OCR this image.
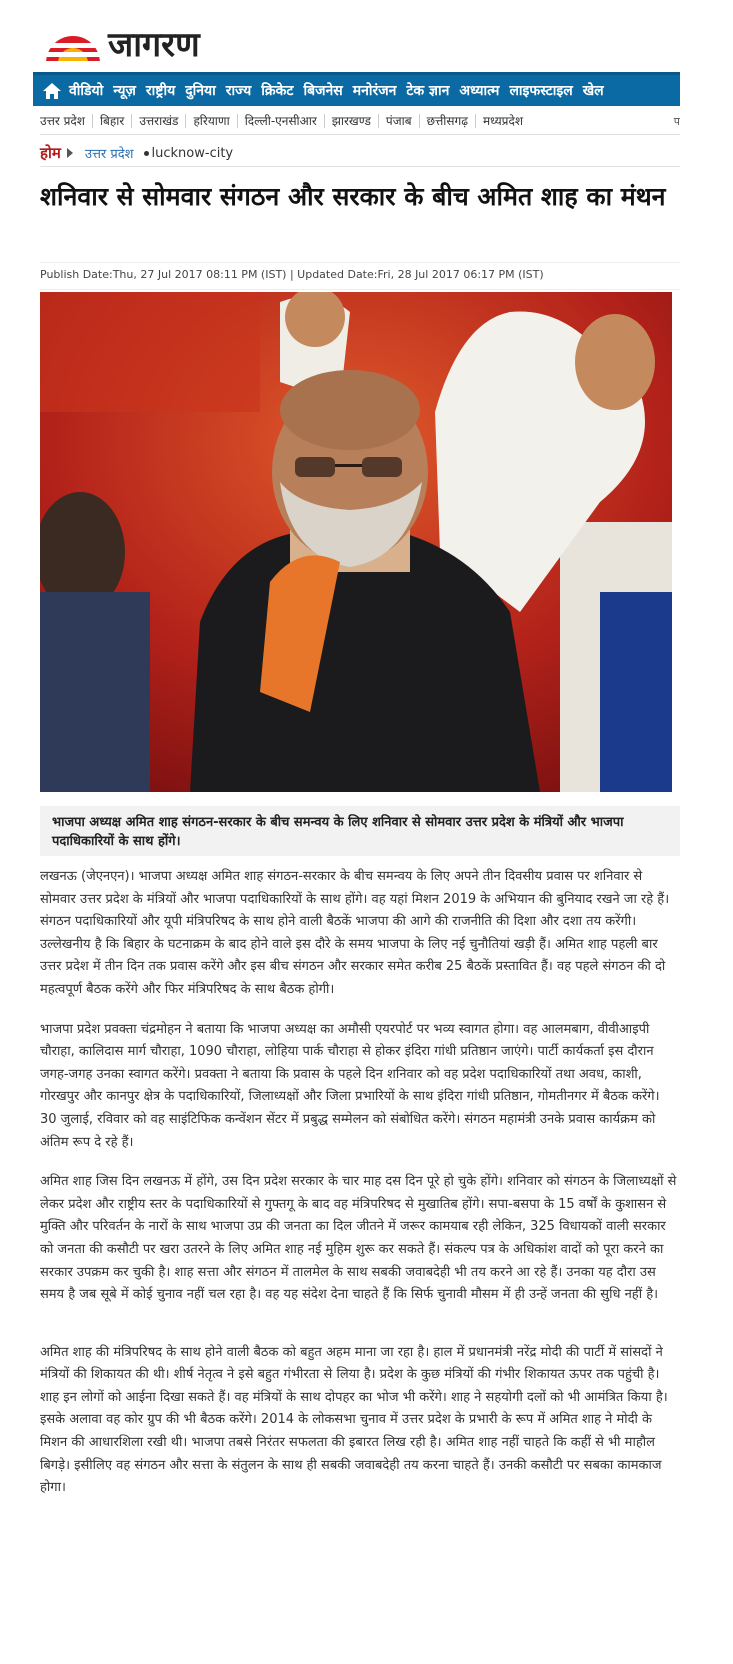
जागरण
वीडियो न्यूज़ राष्ट्रीय दुनिया राज्य क्रिकेट बिजनेस मनोरंजन टेक ज्ञान अध्यात्म लाइफस्टाइल खेल
उत्तर प्रदेश	बिहार	उत्तराखंड	हरियाणा	दिल्ली-एनसीआर	झारखण्ड	पंजाब	छत्तीसगढ़	मध्यप्रदेश	प
होम उत्तर प्रदेश lucknow-city
शनिवार से सोमवार संगठन और सरकार के बीच अमित शाह का मंथन
Publish Date:Thu, 27 Jul 2017 08:11 PM (IST) | Updated Date:Fri, 28 Jul 2017 06:17 PM (IST)
भाजपा अध्यक्ष अमित शाह संगठन-सरकार के बीच समन्वय के लिए शनिवार से सोमवार उत्तर प्रदेश के मंत्रियों और भाजपा पदाधिकारियों के साथ होंगे।

लखनऊ (जेएनएन)। भाजपा अध्यक्ष अमित शाह संगठन-सरकार के बीच समन्वय के लिए अपने तीन दिवसीय प्रवास पर शनिवार से सोमवार उत्तर प्रदेश के मंत्रियों और भाजपा पदाधिकारियों के साथ होंगे। वह यहां मिशन 2019 के अभियान की बुनियाद रखने जा रहे हैं। संगठन पदाधिकारियों और यूपी मंत्रिपरिषद के साथ होने वाली बैठकें भाजपा की आगे की राजनीति की दिशा और दशा तय करेंगी। उल्लेखनीय है कि बिहार के घटनाक्रम के बाद होने वाले इस दौरे के समय भाजपा के लिए नई चुनौतियां खड़ी हैं। अमित शाह पहली बार उत्तर प्रदेश में तीन दिन तक प्रवास करेंगे और इस बीच संगठन और सरकार समेत करीब 25 बैठकें प्रस्तावित हैं। वह पहले संगठन की दो महत्वपूर्ण बैठक करेंगे और फिर मंत्रिपरिषद के साथ बैठक होगी।

भाजपा प्रदेश प्रवक्ता चंद्रमोहन ने बताया कि भाजपा अध्यक्ष का अमौसी एयरपोर्ट पर भव्य स्वागत होगा। वह आलमबाग, वीवीआइपी चौराहा, कालिदास मार्ग चौराहा, 1090 चौराहा, लोहिया पार्क चौराहा से होकर इंदिरा गांधी प्रतिष्ठान जाएंगे। पार्टी कार्यकर्ता इस दौरान जगह-जगह उनका स्वागत करेंगे। प्रवक्ता ने बताया कि प्रवास के पहले दिन शनिवार को वह प्रदेश पदाधिकारियों तथा अवध, काशी, गोरखपुर और कानपुर क्षेत्र के पदाधिकारियों, जिलाध्यक्षों और जिला प्रभारियों के साथ इंदिरा गांधी प्रतिष्ठान, गोमतीनगर में बैठक करेंगे। 30 जुलाई, रविवार को वह साइंटिफिक कन्वेंशन सेंटर में प्रबुद्ध सम्मेलन को संबोधित करेंगे। संगठन महामंत्री उनके प्रवास कार्यक्रम को अंतिम रूप दे रहे हैं।

अमित शाह जिस दिन लखनऊ में होंगे, उस दिन प्रदेश सरकार के चार माह दस दिन पूरे हो चुके होंगे। शनिवार को संगठन के जिलाध्यक्षों से लेकर प्रदेश और राष्ट्रीय स्तर के पदाधिकारियों से गुफ्तगू के बाद वह मंत्रिपरिषद से मुखातिब होंगे। सपा-बसपा के 15 वर्षों के कुशासन से मुक्ति और परिवर्तन के नारों के साथ भाजपा उप्र की जनता का दिल जीतने में जरूर कामयाब रही लेकिन, 325 विधायकों वाली सरकार को जनता की कसौटी पर खरा उतरने के लिए अमित शाह नई मुहिम शुरू कर सकते हैं। संकल्प पत्र के अधिकांश वादों को पूरा करने का सरकार उपक्रम कर चुकी है। शाह सत्ता और संगठन में तालमेल के साथ सबकी जवाबदेही भी तय करने आ रहे हैं। उनका यह दौरा उस समय है जब सूबे में कोई चुनाव नहीं चल रहा है। वह यह संदेश देना चाहते हैं कि सिर्फ चुनावी मौसम में ही उन्हें जनता की सुधि नहीं है।

अमित शाह की मंत्रिपरिषद के साथ होने वाली बैठक को बहुत अहम माना जा रहा है। हाल में प्रधानमंत्री नरेंद्र मोदी की पार्टी में सांसदों ने मंत्रियों की शिकायत की थी। शीर्ष नेतृत्व ने इसे बहुत गंभीरता से लिया है। प्रदेश के कुछ मंत्रियों की गंभीर शिकायत ऊपर तक पहुंची है। शाह इन लोगों को आईना दिखा सकते हैं। वह मंत्रियों के साथ दोपहर का भोज भी करेंगे। शाह ने सहयोगी दलों को भी आमंत्रित किया है। इसके अलावा वह कोर ग्रुप की भी बैठक करेंगे। 2014 के लोकसभा चुनाव में उत्तर प्रदेश के प्रभारी के रूप में अमित शाह ने मोदी के मिशन की आधारशिला रखी थी। भाजपा तबसे निरंतर सफलता की इबारत लिख रही है। अमित शाह नहीं चाहते कि कहीं से भी माहौल बिगड़े। इसीलिए वह संगठन और सत्ता के संतुलन के साथ ही सबकी जवाबदेही तय करना चाहते हैं। उनकी कसौटी पर सबका कामकाज होगा।
